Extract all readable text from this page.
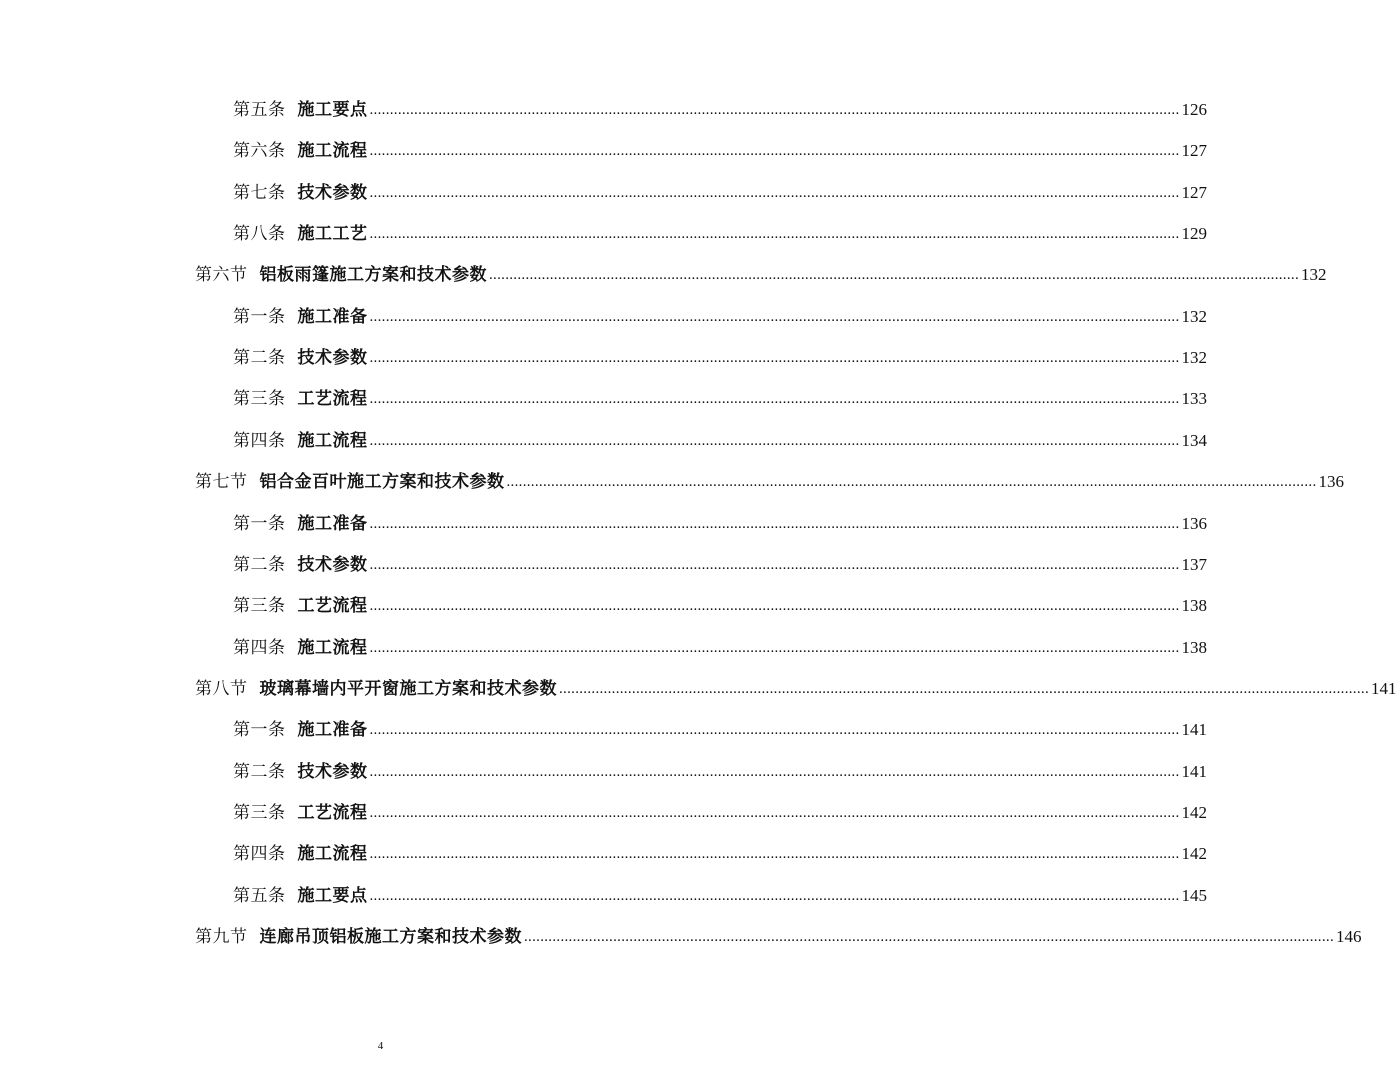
第五条 施工要点 ........................................................................................................................................................................................................ 126
第六条 施工流程 ........................................................................................................................................................................................................ 127
第七条 技术参数 ........................................................................................................................................................................................................ 127
第八条 施工工艺 ........................................................................................................................................................................................................ 129
第六节 铝板雨篷施工方案和技术参数 ........................................................................................................................................................................................................ 132
第一条 施工准备 ........................................................................................................................................................................................................ 132
第二条 技术参数 ........................................................................................................................................................................................................ 132
第三条 工艺流程 ........................................................................................................................................................................................................ 133
第四条 施工流程 ........................................................................................................................................................................................................ 134
第七节 铝合金百叶施工方案和技术参数 ........................................................................................................................................................................................................ 136
第一条 施工准备 ........................................................................................................................................................................................................ 136
第二条 技术参数 ........................................................................................................................................................................................................ 137
第三条 工艺流程 ........................................................................................................................................................................................................ 138
第四条 施工流程 ........................................................................................................................................................................................................ 138
第八节 玻璃幕墙内平开窗施工方案和技术参数 ........................................................................................................................................................................................................ 141
第一条 施工准备 ........................................................................................................................................................................................................ 141
第二条 技术参数 ........................................................................................................................................................................................................ 141
第三条 工艺流程 ........................................................................................................................................................................................................ 142
第四条 施工流程 ........................................................................................................................................................................................................ 142
第五条 施工要点 ........................................................................................................................................................................................................ 145
第九节 连廊吊顶铝板施工方案和技术参数 ........................................................................................................................................................................................................ 146
4
